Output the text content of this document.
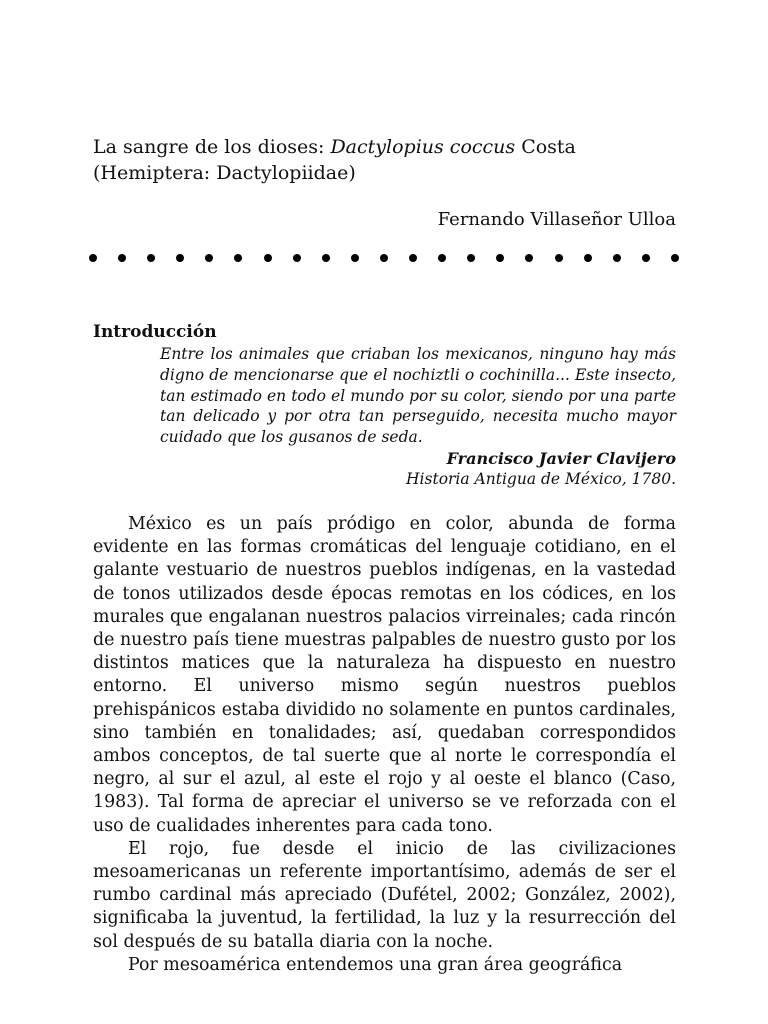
La sangre de los dioses: Dactylopius coccus Costa (Hemiptera: Dactylopiidae)
Fernando Villaseñor Ulloa
Introducción

Entre los animales que criaban los mexicanos, ninguno hay más digno de mencionarse que el nochiztli o cochinilla... Este insecto, tan estimado en todo el mundo por su color, siendo por una parte tan delicado y por otra tan perseguido, necesita mucho mayor cuidado que los gusanos de seda.

Francisco Javier Clavijero
Historia Antigua de México, 1780.

México es un país pródigo en color, abunda de forma evidente en las formas cromáticas del lenguaje cotidiano, en el galante vestuario de nuestros pueblos indígenas, en la vastedad de tonos utilizados desde épocas remotas en los códices, en los murales que engalanan nuestros palacios virreinales; cada rincón de nuestro país tiene muestras palpables de nuestro gusto por los distintos matices que la naturaleza ha dispuesto en nuestro entorno. El universo mismo según nuestros pueblos prehispánicos estaba dividido no solamente en puntos cardinales, sino también en tonalidades; así, quedaban correspondidos ambos conceptos, de tal suerte que al norte le correspondía el negro, al sur el azul, al este el rojo y al oeste el blanco (Caso, 1983). Tal forma de apreciar el universo se ve reforzada con el uso de cualidades inherentes para cada tono.

El rojo, fue desde el inicio de las civilizaciones mesoamericanas un referente importantísimo, además de ser el rumbo cardinal más apreciado (Dufétel, 2002; González, 2002), significaba la juventud, la fertilidad, la luz y la resurrección del sol después de su batalla diaria con la noche.

Por mesoamérica entendemos una gran área geográfica
